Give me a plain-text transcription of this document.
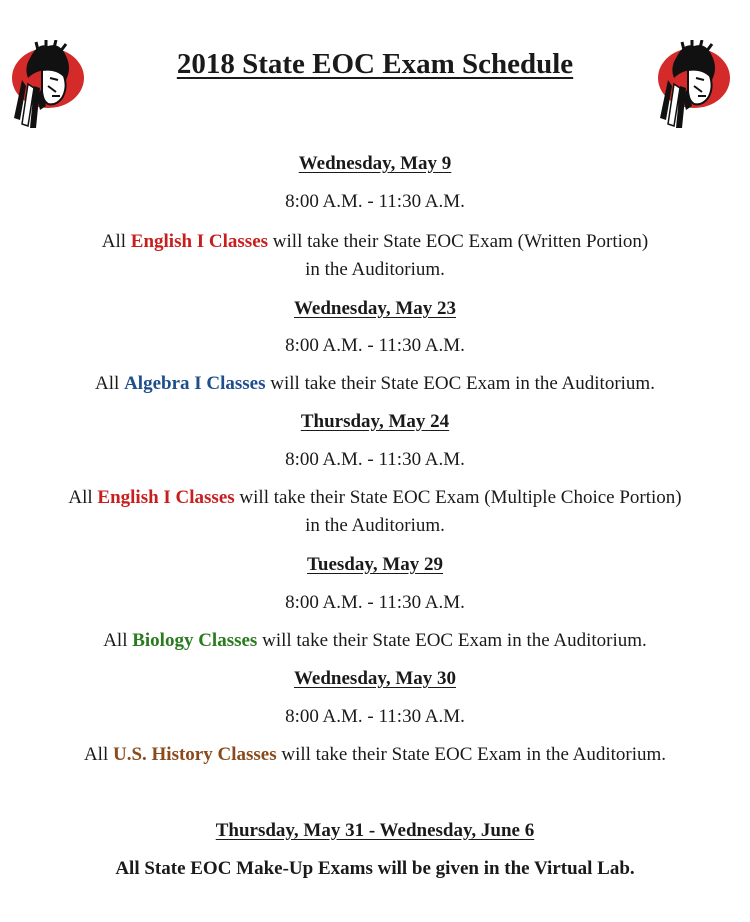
2018 State EOC Exam Schedule
Wednesday, May 9
8:00 A.M. - 11:30 A.M.
All English I Classes will take their State EOC Exam (Written Portion)
in the Auditorium.
Wednesday, May 23
8:00 A.M. - 11:30 A.M.
All Algebra I Classes will take their State EOC Exam in the Auditorium.
Thursday, May 24
8:00 A.M. - 11:30 A.M.
All English I Classes will take their State EOC Exam (Multiple Choice Portion)
in the Auditorium.
Tuesday, May 29
8:00 A.M. - 11:30 A.M.
All Biology Classes will take their State EOC Exam in the Auditorium.
Wednesday, May 30
8:00 A.M. - 11:30 A.M.
All U.S. History Classes will take their State EOC Exam in the Auditorium.
Thursday, May 31 - Wednesday, June 6
All State EOC Make-Up Exams will be given in the Virtual Lab.
